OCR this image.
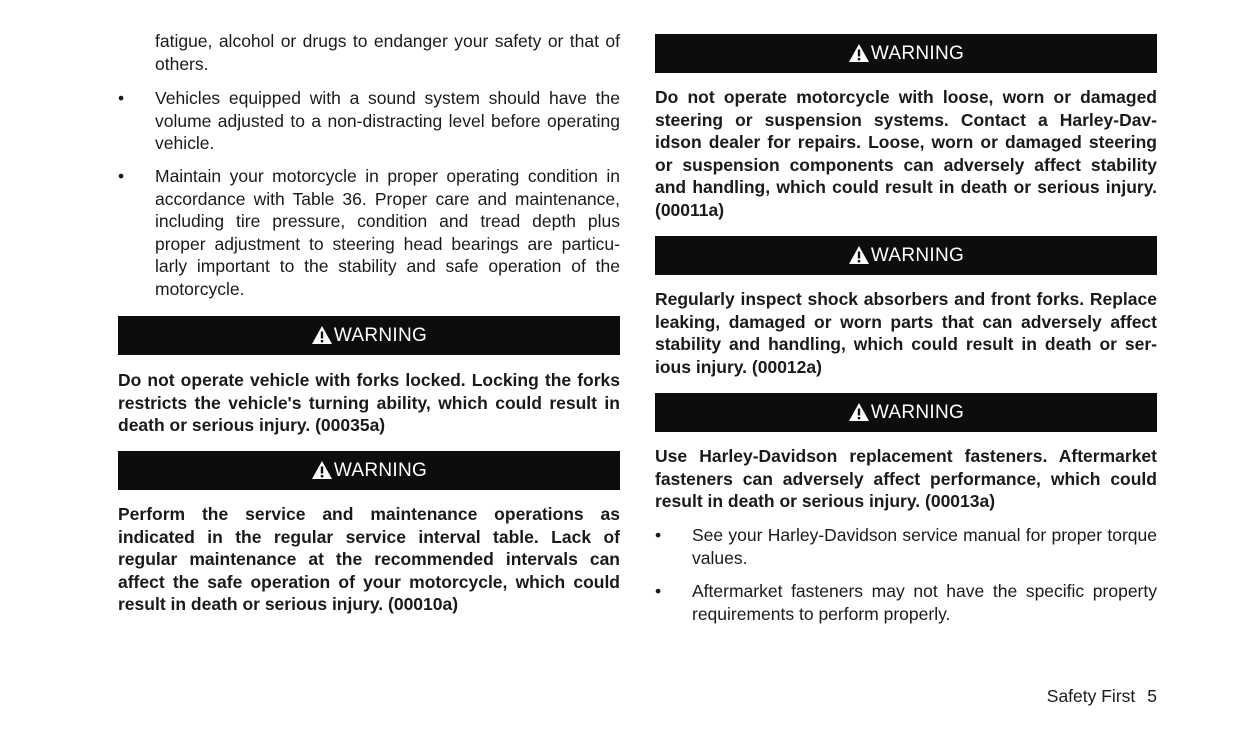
fatigue, alcohol or drugs to endanger your safety or that of others.

•	Vehicles equipped with a sound system should have the volume adjusted to a non-distracting level before operating vehicle.
•	Maintain your motorcycle in proper operating condition in accordance with Table 36. Proper care and maintenance, including tire pressure, condition and tread depth plus proper adjustment to steering head bearings are particu-larly important to the stability and safe operation of the motorcycle.
WARNING

Do not operate vehicle with forks locked. Locking the forks restricts the vehicle's turning ability, which could result in death or serious injury. (00035a)

WARNING

Perform the service and maintenance operations as indicated in the regular service interval table. Lack of regular maintenance at the recommended intervals can affect the safe operation of your motorcycle, which could result in death or serious injury. (00010a)

WARNING

Do not operate motorcycle with loose, worn or damaged steering or suspension systems. Contact a Harley-Dav-idson dealer for repairs. Loose, worn or damaged steering or suspension components can adversely affect stability and handling, which could result in death or serious injury. (00011a)

WARNING

Regularly inspect shock absorbers and front forks. Replace leaking, damaged or worn parts that can adversely affect stability and handling, which could result in death or ser-ious injury. (00012a)

WARNING

Use Harley-Davidson replacement fasteners. Aftermarket fasteners can adversely affect performance, which could result in death or serious injury. (00013a)

•	See your Harley-Davidson service manual for proper torque values.
•	Aftermarket fasteners may not have the specific property requirements to perform properly.
Safety First 5
